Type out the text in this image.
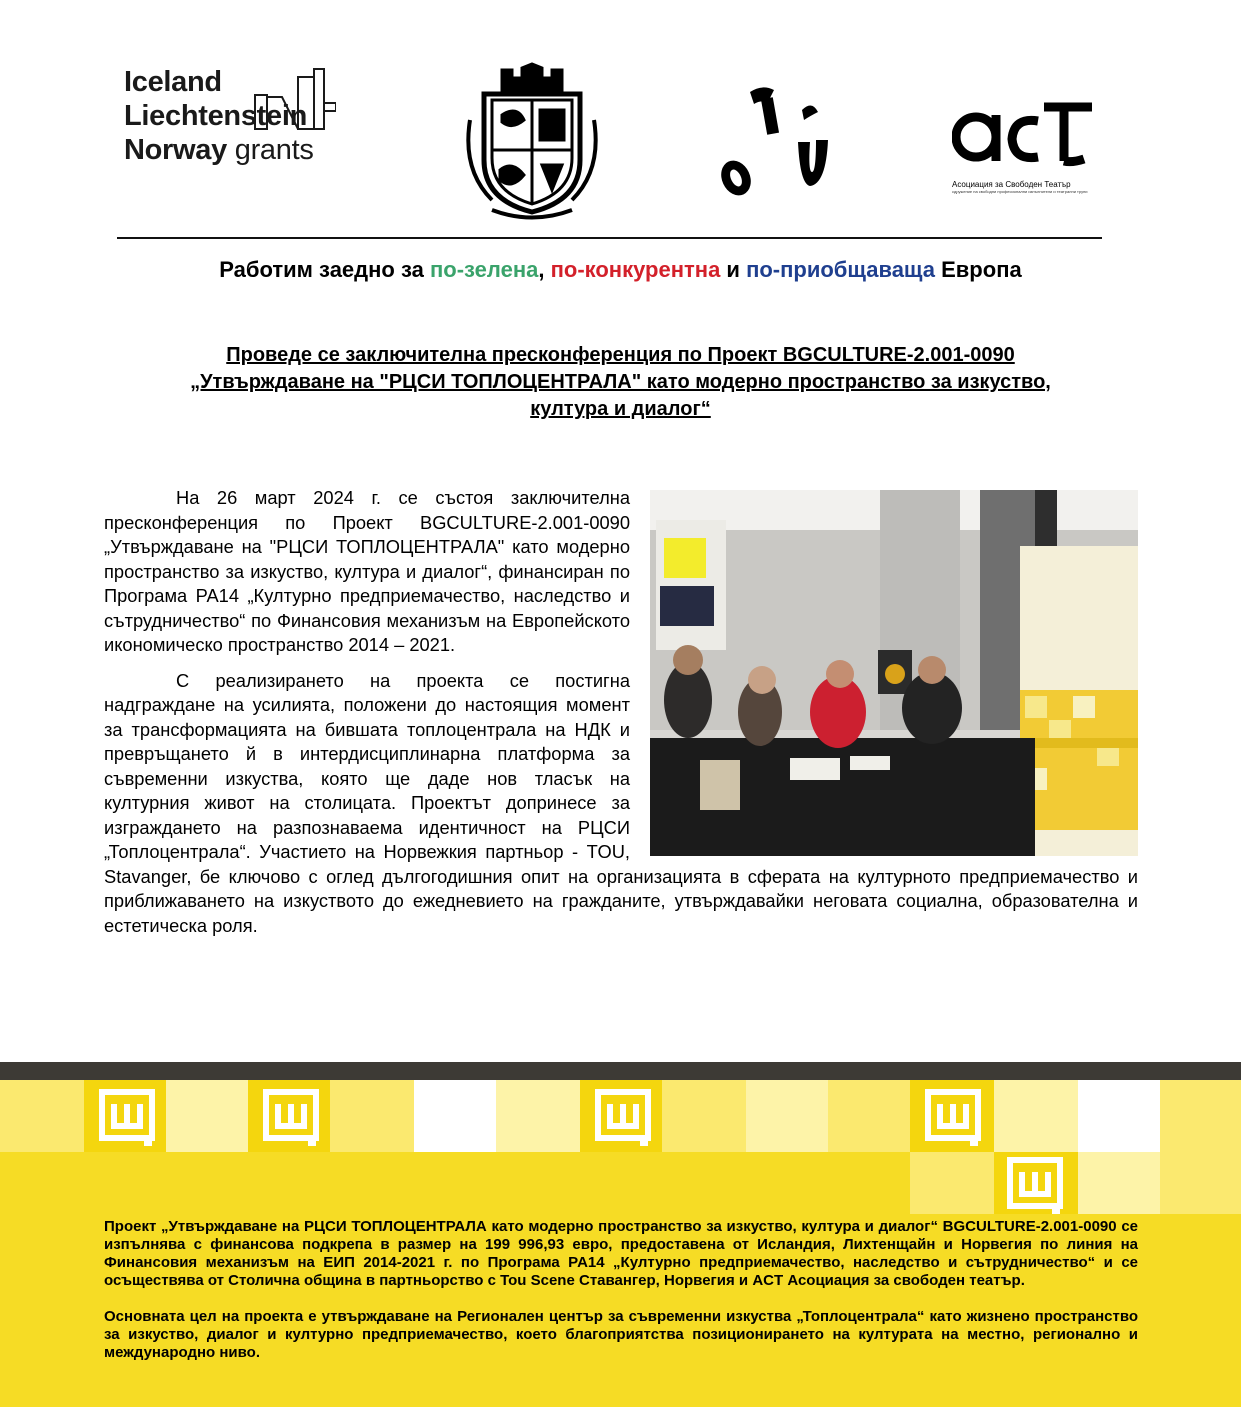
Iceland
Liechtenstein
Norway grants
Асоциация за Свободен Театър
сдружение на свободни професионални изпълнители и театрални трупи
Работим заедно за по-зелена, по-конкурентна и по-приобщаваща Европа
Проведе се заключителна пресконференция по Проект BGCULTURE-2.001-0090
„Утвърждаване на "РЦСИ ТОПЛОЦЕНТРАЛА" като модерно пространство за изкуство,
култура и диалог“

На 26 март 2024 г. се състоя заключителна пресконференция по Проект BGCULTURE-2.001-0090 „Утвърждаване на "РЦСИ ТОПЛОЦЕНТРАЛА" като модерно пространство за изкуство, култура и диалог“, финансиран по Програма PA14 „Културно предприемачество, наследство и сътрудничество“ по Финансовия механизъм на Европейското икономическо пространство 2014 – 2021.

С реализирането на проекта се постигна надграждане на усилията, положени до настоящия момент за трансформацията на бившата топлоцентрала на НДК и превръщането й в интердисциплинарна платформа за съвременни изкуства, която ще даде нов тласък на културния живот на столицата. Проектът допринесе за изграждането на разпознаваема идентичност на РЦСИ „Топлоцентрала“. Участието на Норвежкия партньор - TOU, Stavanger, бе ключово с оглед дългогодишния опит на организацията в сферата на културното предприемачество и приближаването на изкуството до ежедневието на гражданите, утвърждавайки неговата социална, образователна и естетическа роля.

Проект „Утвърждаване на РЦСИ ТОПЛОЦЕНТРАЛА като модерно пространство за изкуство, култура и диалог“ BGCULTURE-2.001-0090 се изпълнява с финансова подкрепа в размер на 199 996,93 евро, предоставена от Исландия, Лихтенщайн и Норвегия по линия на Финансовия механизъм на ЕИП 2014-2021 г. по Програма PA14 „Културно предприемачество, наследство и сътрудничество“ и се осъществява от Столична община в партньорство с Tou Scene Ставангер, Норвегия и ACT Асоциация за свободен театър.

Основната цел на проекта е утвърждаване на Регионален център за съвременни изкуства „Топлоцентрала“ като жизнено пространство за изкуство, диалог и културно предприемачество, което благоприятства позиционирането на културата на местно, регионално и международно ниво.
